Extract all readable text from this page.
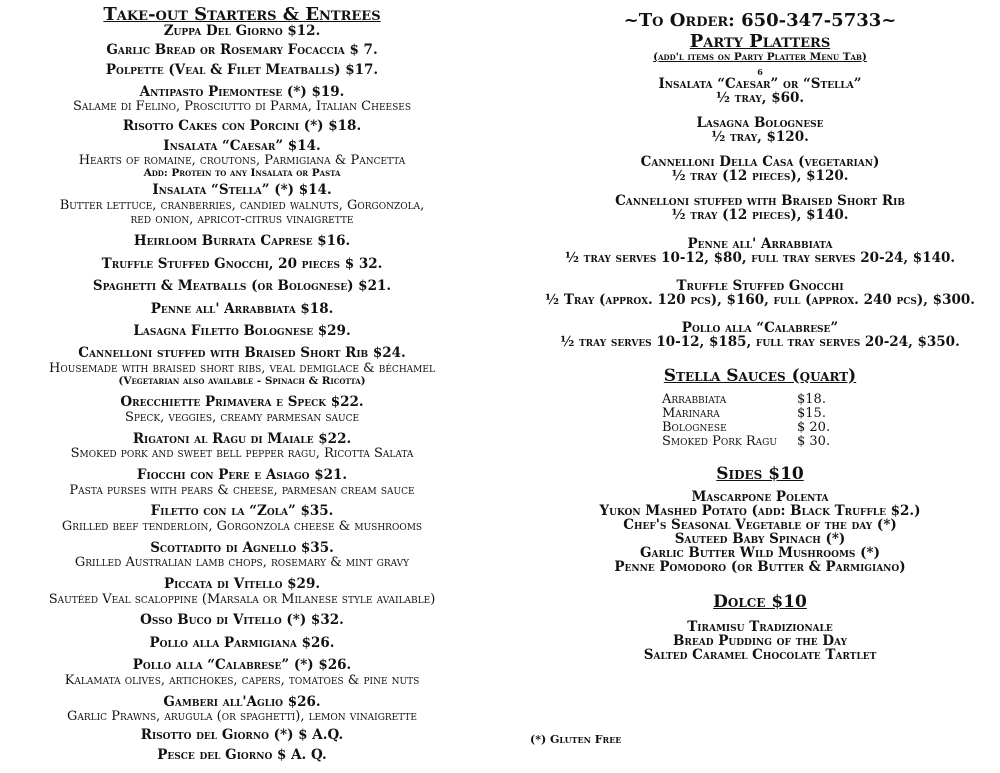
Take-out Starters & Entrees
Zuppa Del Giorno $12.
Garlic Bread or Rosemary Focaccia $ 7.
Polpette (Veal & Filet Meatballs) $17.
Antipasto Piemontese (*) $19.
Salame di Felino, Prosciutto di Parma, Italian Cheeses
Risotto Cakes con Porcini (*) $18.
Insalata “Caesar” $14.
Hearts of romaine, croutons, Parmigiana & Pancetta
Add: Protein to any Insalata or Pasta
Insalata “Stella” (*) $14.
Butter lettuce, cranberries, candied walnuts, Gorgonzola,
red onion, apricot-citrus vinaigrette
Heirloom Burrata Caprese $16.
Truffle Stuffed Gnocchi, 20 pieces $ 32.
Spaghetti & Meatballs (or Bolognese) $21.
Penne all' Arrabbiata $18.
Lasagna Filetto Bolognese $29.
Cannelloni stuffed with Braised Short Rib $24.
Housemade with braised short ribs, veal demiglace & béchamel
(Vegetarian also available - Spinach & Ricotta)
Orecchiette Primavera e Speck $22.
Speck, veggies, creamy parmesan sauce
Rigatoni al Ragu di Maiale $22.
Smoked pork and sweet bell pepper ragu, Ricotta Salata
Fiocchi con Pere e Asiago $21.
Pasta purses with pears & cheese, parmesan cream sauce
Filetto con la “Zola” $35.
Grilled beef tenderloin, Gorgonzola cheese & mushrooms
Scottadito di Agnello $35.
Grilled Australian lamb chops, rosemary & mint gravy
Piccata di Vitello $29.
Sautéed Veal scaloppine (Marsala or Milanese style available)
Osso Buco di Vitello (*) $32.
Pollo alla Parmigiana $26.
Pollo alla “Calabrese” (*) $26.
Kalamata olives, artichokes, capers, tomatoes & pine nuts
Gamberi all'Aglio $26.
Garlic Prawns, arugula (or spaghetti), lemon vinaigrette
Risotto del Giorno (*) $ A.Q.
Pesce del Giorno $ A. Q.
~To Order: 650-347-5733~
Party Platters
(add'l items on Party Platter Menu Tab)
6
Insalata “Caesar” or “Stella”
½ tray, $60.
Lasagna Bolognese
½ tray, $120.
Cannelloni Della Casa (vegetarian)
½ tray (12 pieces), $120.
Cannelloni stuffed with Braised Short Rib
½ tray (12 pieces), $140.
Penne all' Arrabbiata
½ tray serves 10-12, $80, full tray serves 20-24, $140.
Truffle Stuffed Gnocchi
½ Tray (approx. 120 pcs), $160, full (approx. 240 pcs), $300.
Pollo alla “Calabrese”
½ tray serves 10-12, $185, full tray serves 20-24, $350.
Stella Sauces (quart)
Arrabbiata	$18.
Marinara	$15.
Bolognese	$ 20.
Smoked Pork Ragu	$ 30.
Sides $10
Mascarpone Polenta
Yukon Mashed Potato (add: Black Truffle $2.)
Chef's Seasonal Vegetable of the day (*)
Sauteed Baby Spinach (*)
Garlic Butter Wild Mushrooms (*)
Penne Pomodoro (or Butter & Parmigiano)
Dolce $10
Tiramisu Tradizionale
Bread Pudding of the Day
Salted Caramel Chocolate Tartlet
(*) Gluten Free
